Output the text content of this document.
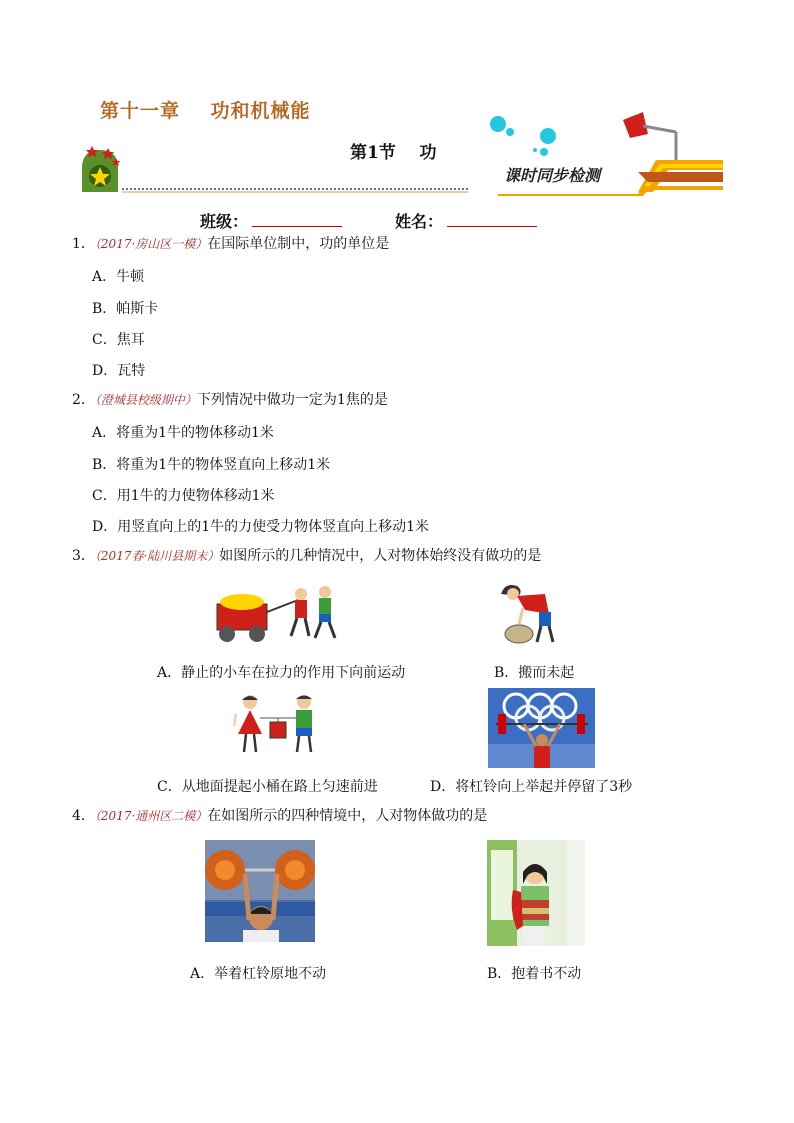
第十一章    功和机械能
第1节    功
课时同步检测
班级：	姓名：
1．（2017·房山区一模）在国际单位制中，功的单位是
A．牛顿
B．帕斯卡
C．焦耳
D．瓦特
2．（澄城县校级期中）下列情况中做功一定为1焦的是
A．将重为1牛的物体移动1米
B．将重为1牛的物体竖直向上移动1米
C．用1牛的力使物体移动1米
D．用竖直向上的1牛的力使受力物体竖直向上移动1米
3．（2017春·陆川县期末）如图所示的几种情况中，人对物体始终没有做功的是
A．静止的小车在拉力的作用下向前运动	B．搬而未起
C．从地面提起小桶在路上匀速前进	D．将杠铃向上举起并停留了3秒
4．（2017·通州区二模）在如图所示的四种情境中，人对物体做功的是
A．举着杠铃原地不动	B．抱着书不动
